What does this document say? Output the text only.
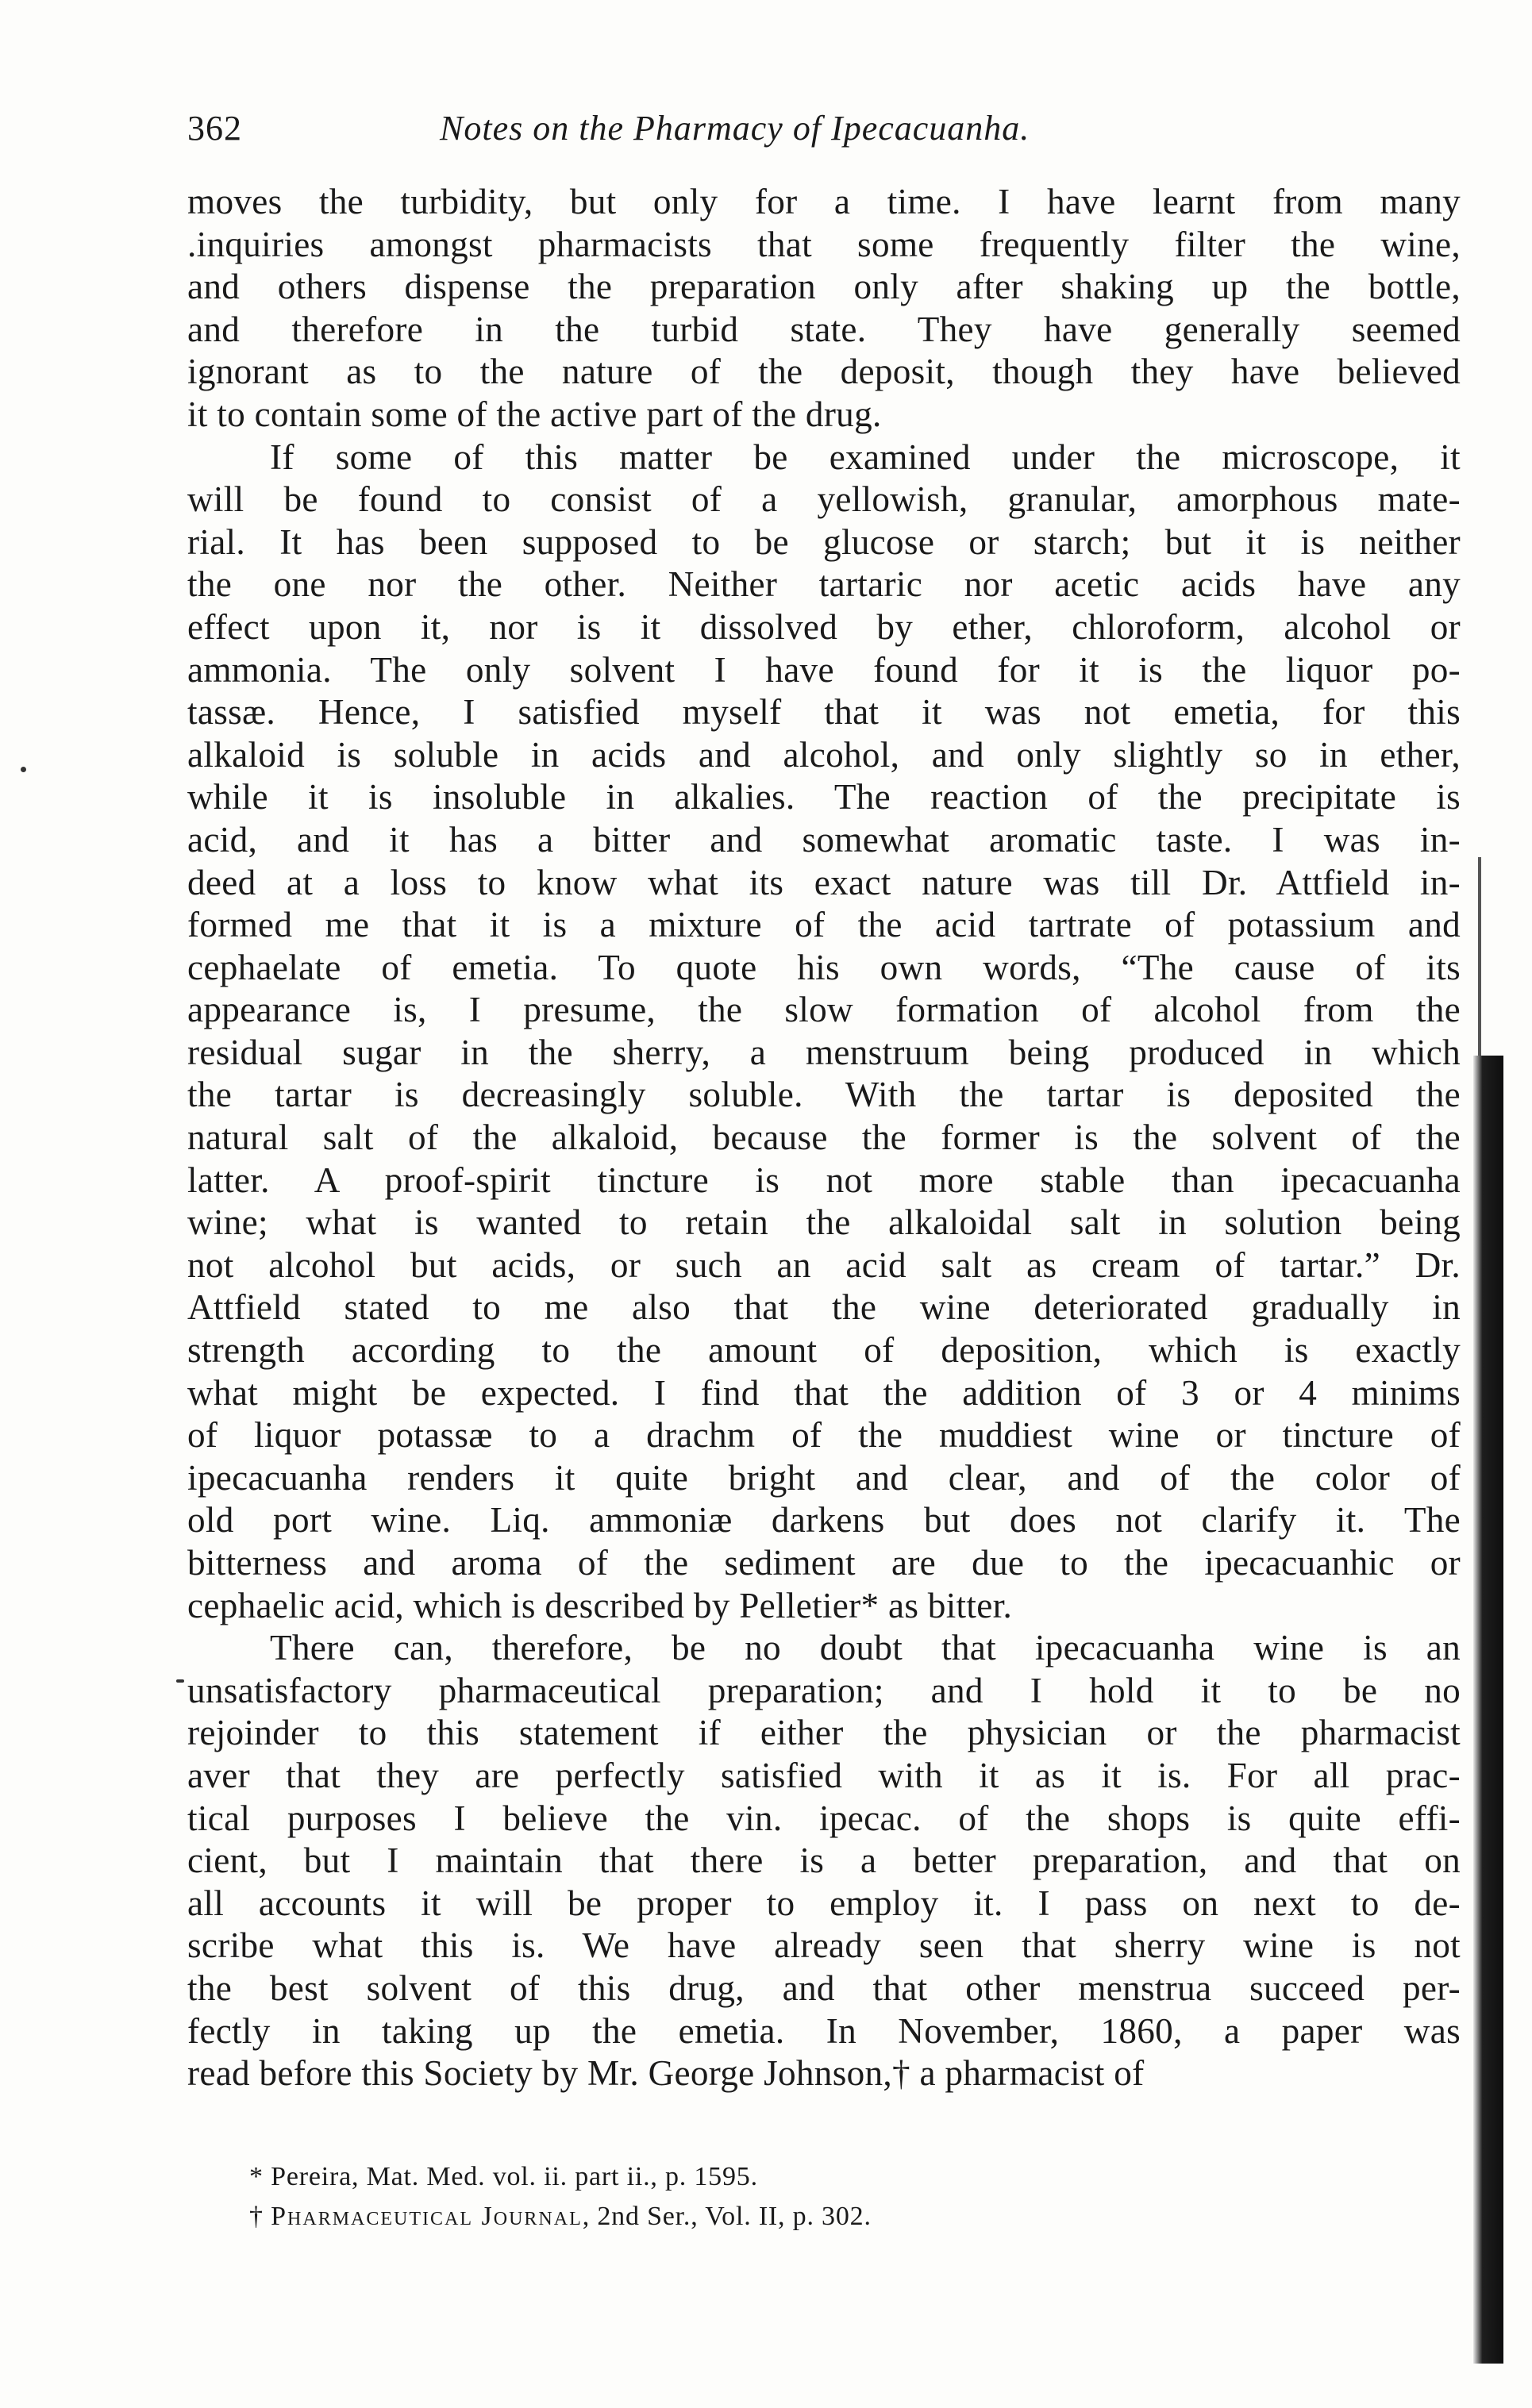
362	Notes on the Pharmacy of Ipecacuanha.
moves the turbidity, but only for a time. I have learnt from many
.inquiries amongst pharmacists that some frequently filter the wine,
and others dispense the preparation only after shaking up the bottle,
and therefore in the turbid state. They have generally seemed
ignorant as to the nature of the deposit, though they have believed
it to contain some of the active part of the drug.
If some of this matter be examined under the microscope, it
will be found to consist of a yellowish, granular, amorphous mate-
rial. It has been supposed to be glucose or starch; but it is neither
the one nor the other. Neither tartaric nor acetic acids have any
effect upon it, nor is it dissolved by ether, chloroform, alcohol or
ammonia. The only solvent I have found for it is the liquor po-
tassæ. Hence, I satisfied myself that it was not emetia, for this
alkaloid is soluble in acids and alcohol, and only slightly so in ether,
while it is insoluble in alkalies. The reaction of the precipitate is
acid, and it has a bitter and somewhat aromatic taste. I was in-
deed at a loss to know what its exact nature was till Dr. Attfield in-
formed me that it is a mixture of the acid tartrate of potassium and
cephaelate of emetia. To quote his own words, “The cause of its
appearance is, I presume, the slow formation of alcohol from the
residual sugar in the sherry, a menstruum being produced in which
the tartar is decreasingly soluble. With the tartar is deposited the
natural salt of the alkaloid, because the former is the solvent of the
latter. A proof-spirit tincture is not more stable than ipecacuanha
wine; what is wanted to retain the alkaloidal salt in solution being
not alcohol but acids, or such an acid salt as cream of tartar.” Dr.
Attfield stated to me also that the wine deteriorated gradually in
strength according to the amount of deposition, which is exactly
what might be expected. I find that the addition of 3 or 4 minims
of liquor potassæ to a drachm of the muddiest wine or tincture of
ipecacuanha renders it quite bright and clear, and of the color of
old port wine. Liq. ammoniæ darkens but does not clarify it. The
bitterness and aroma of the sediment are due to the ipecacuanhic or
cephaelic acid, which is described by Pelletier* as bitter.
There can, therefore, be no doubt that ipecacuanha wine is an
unsatisfactory pharmaceutical preparation; and I hold it to be no
rejoinder to this statement if either the physician or the pharmacist
aver that they are perfectly satisfied with it as it is. For all prac-
tical purposes I believe the vin. ipecac. of the shops is quite effi-
cient, but I maintain that there is a better preparation, and that on
all accounts it will be proper to employ it. I pass on next to de-
scribe what this is. We have already seen that sherry wine is not
the best solvent of this drug, and that other menstrua succeed per-
fectly in taking up the emetia. In November, 1860, a paper was
read before this Society by Mr. George Johnson,† a pharmacist of
* Pereira, Mat. Med. vol. ii. part ii., p. 1595.
† Pharmaceutical Journal, 2nd Ser., Vol. II, p. 302.
